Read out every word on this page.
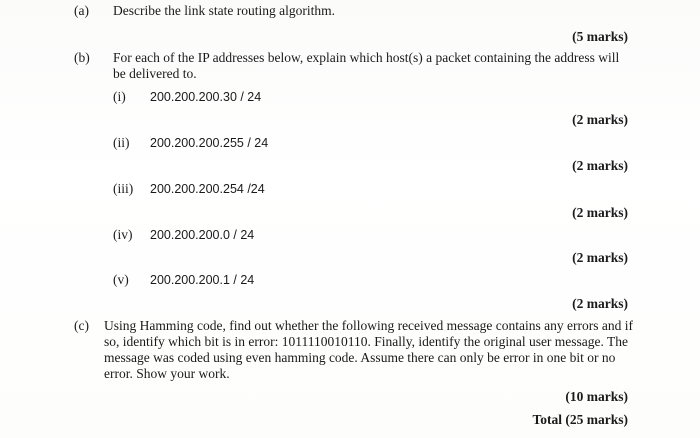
(a) Describe the link state routing algorithm.
(5 marks)
(b) For each of the IP addresses below, explain which host(s) a packet containing the address will be delivered to.
(i) 200.200.200.30 / 24
(2 marks)
(ii) 200.200.200.255 / 24
(2 marks)
(iii) 200.200.200.254 /24
(2 marks)
(iv) 200.200.200.0 / 24
(2 marks)
(v) 200.200.200.1 / 24
(2 marks)
(c) Using Hamming code, find out whether the following received message contains any errors and if so, identify which bit is in error: 1011110010110. Finally, identify the original user message. The message was coded using even hamming code. Assume there can only be error in one bit or no error. Show your work.
(10 marks)
Total (25 marks)
